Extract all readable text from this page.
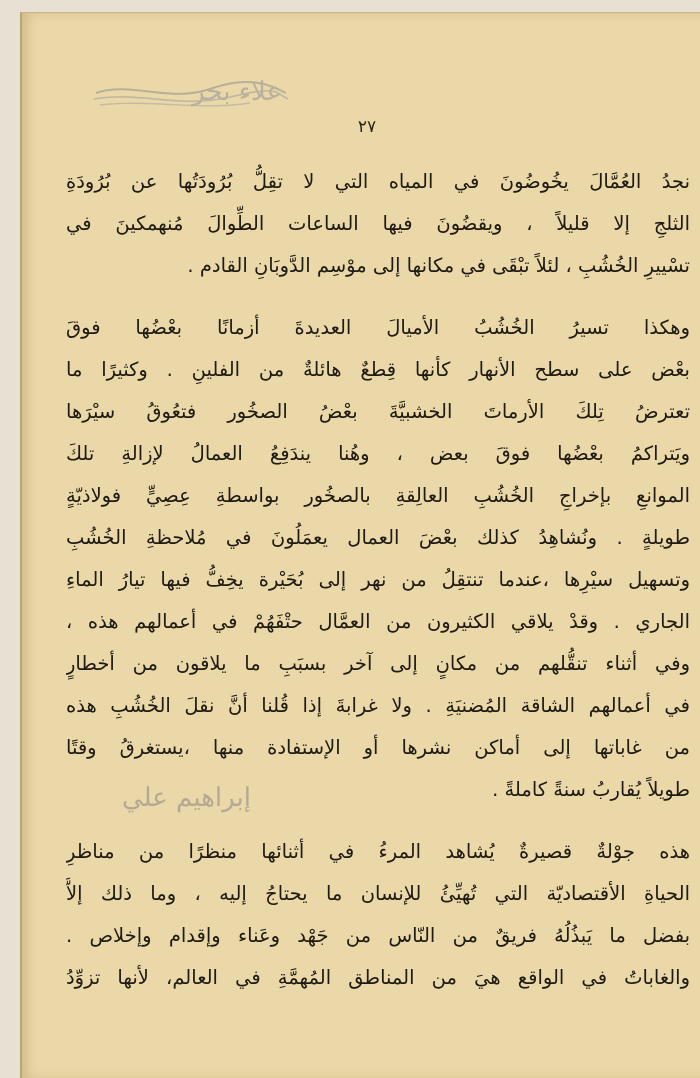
علاء بحر
٢٧
إبراهيم علي
نجدُ العُمَّالَ يخُوضُونَ في المياه التي لا تقِلُّ بُرُودَتُها عن بُرُودَةِ
الثلجِ إلا قليلاً ، ويقضُونَ فيها الساعات الطِّوالَ مُنهمكينَ في
تسْييرِ الخُشُبِ ، لئلاً تبْقَى في مكانها إلى موْسِم الدَّوبَانِ القادم .
وهكذا تسيرُ الخُشُبُ الأميالَ العديدةَ أزمانًا بعْضُها فوقَ
بعْض على سطح الأنهار كأنها قِطعٌ هائلةٌ من الفلينِ . وكثيرًا ما
تعترضُ تِلكَ الأرماتَ الخشبيَّةَ بعْضُ الصخُور فتعُوقُ سيْرَها
ويَتراكمُ بعْضُها فوقَ بعض ، وهُنا يندَفِعُ العمالُ لإزالةِ تلكَ
الموانعِ بإخراجِ الخُشُبِ العالِقةِ بالصخُور بواسطةِ عِصِيٍّ فولاذيّةٍ
طويلةٍ . ونُشاهِدُ كذلك بعْضَ العمال يعمَلُونَ في مُلاحظةِ الخُشُبِ
وتسهيل سيْرِها ،عندما تنتقِلُ من نهر إلى بُحَيْرة يخِفُّ فيها تيارُ الماءِ
الجاري . وقدْ يلاقي الكثيرون من العمَّال حتْفَهُمْ في أعمالهم هذه ،
وفي أثناء تنقُّلهم من مكانٍ إلى آخر بسبَبِ ما يلاقون من أخطارٍ
في أعمالهم الشاقة المُضنيَةِ . ولا غرابةَ إذا قُلنا أنَّ نقلَ الخُشُبِ هذه
من غاباتها إلى أماكن نشرها أو الإستفادة منها ،يستغرقُ وقتًا
طويلاً يُقاربُ سنةً كاملةً .
هذه جوْلةٌ قصيرةٌ يُشاهد المرءُ في أثنائها منظرًا من مناظرِ
الحياةِ الأقتصاديّة التي تُهيِّئُ للإنسان ما يحتاجُ إليه ، وما ذلك إلاَّ
بفضل ما يَبذُلُهُ فريقٌ من النّاس من جَهْد وعَناء وإقدام وإخلاص .
والغاباتُ في الواقع هيَ من المناطق المُهمَّةِ في العالم، لأنها تزوِّدُ
